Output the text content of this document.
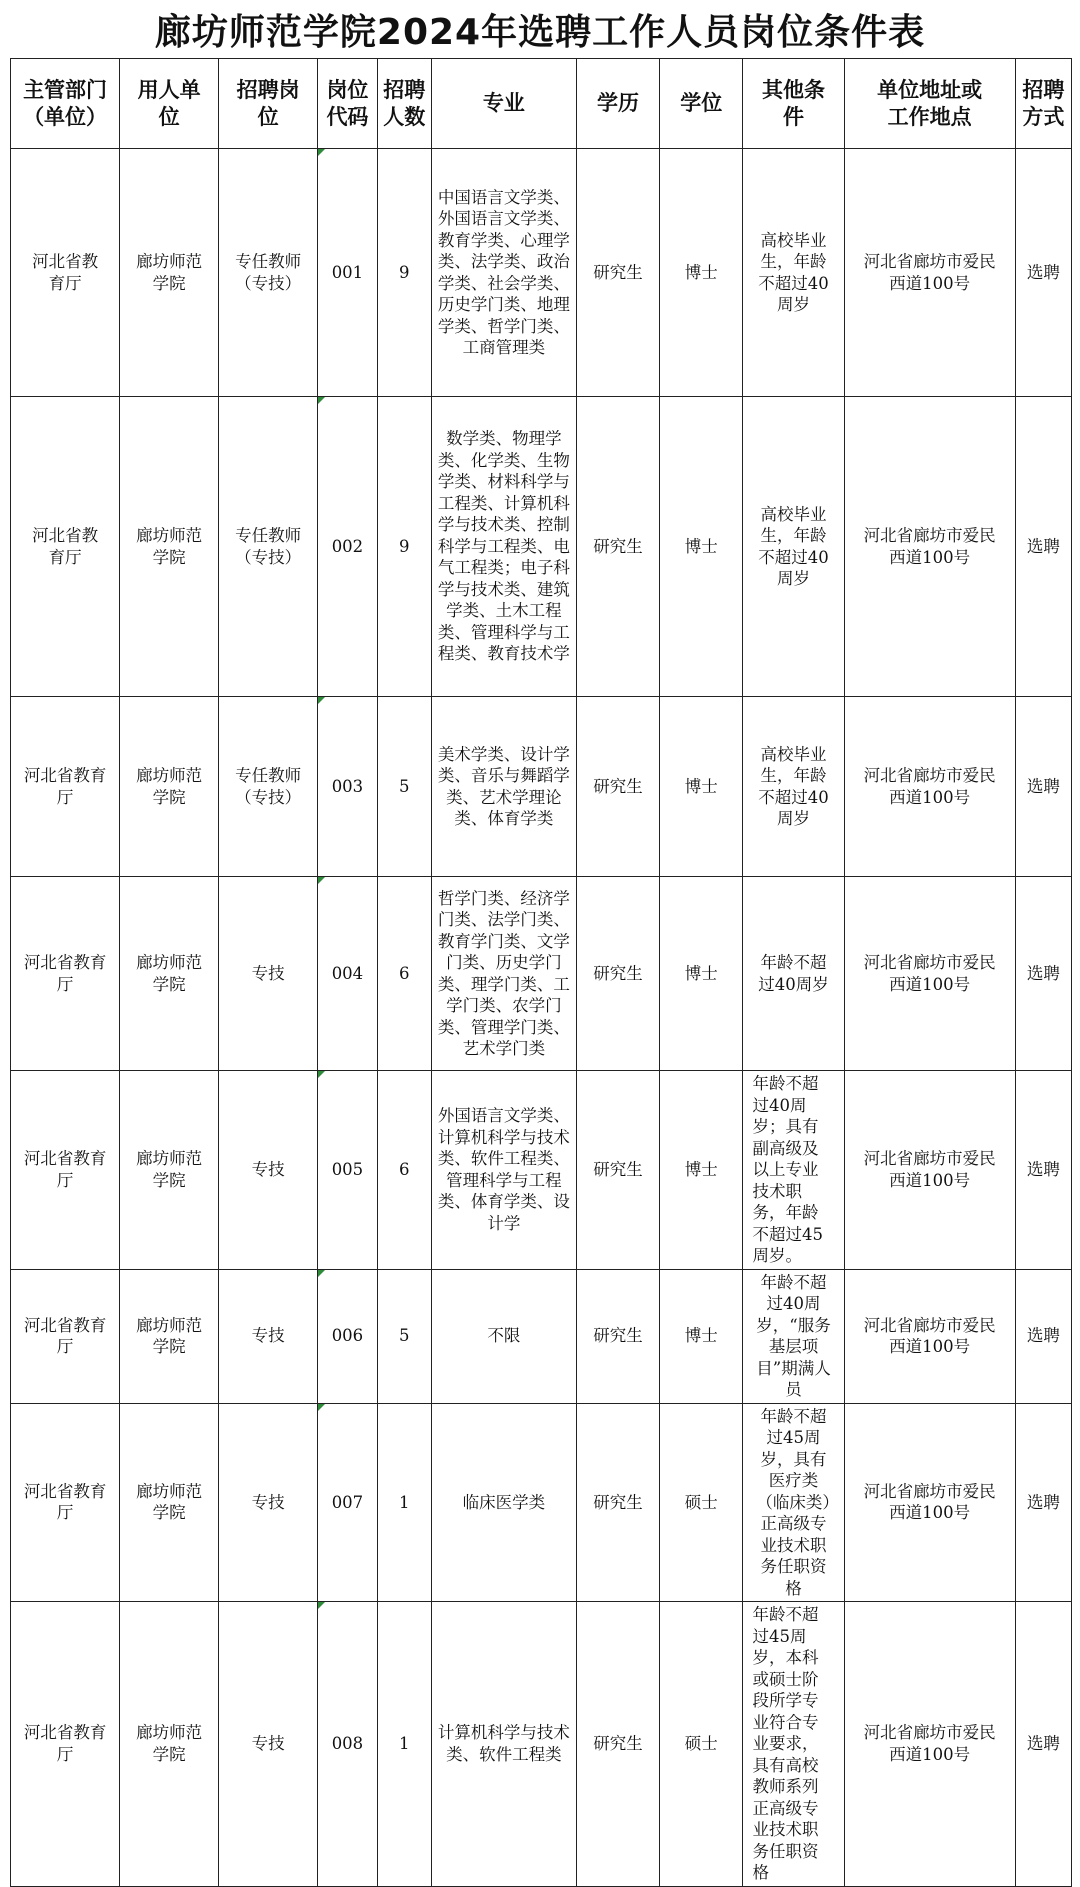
廊坊师范学院2024年选聘工作人员岗位条件表
主管部门（单位）	用人单位	招聘岗位	岗位代码	招聘人数	专业	学历	学位	其他条件	单位地址或工作地点	招聘方式
河北省教育厅	廊坊师范学院	专任教师（专技）	001	9	中国语言文学类、外国语言文学类、教育学类、心理学类、法学类、政治学类、社会学类、历史学门类、地理学类、哲学门类、工商管理类	研究生	博士	高校毕业生，年龄不超过40周岁	河北省廊坊市爱民西道100号	选聘
河北省教育厅	廊坊师范学院	专任教师（专技）	002	9	数学类、物理学类、化学类、生物学类、材料科学与工程类、计算机科学与技术类、控制科学与工程类、电气工程类；电子科学与技术类、建筑学类、土木工程类、管理科学与工程类、教育技术学	研究生	博士	高校毕业生，年龄不超过40周岁	河北省廊坊市爱民西道100号	选聘
河北省教育厅	廊坊师范学院	专任教师（专技）	003	5	美术学类、设计学类、音乐与舞蹈学类、艺术学理论类、体育学类	研究生	博士	高校毕业生，年龄不超过40周岁	河北省廊坊市爱民西道100号	选聘
河北省教育厅	廊坊师范学院	专技	004	6	哲学门类、经济学门类、法学门类、教育学门类、文学门类、历史学门类、理学门类、工学门类、农学门类、管理学门类、艺术学门类	研究生	博士	年龄不超过40周岁	河北省廊坊市爱民西道100号	选聘
河北省教育厅	廊坊师范学院	专技	005	6	外国语言文学类、计算机科学与技术类、软件工程类、管理科学与工程类、体育学类、设计学	研究生	博士	年龄不超过40周岁；具有副高级及以上专业技术职务，年龄不超过45周岁。	河北省廊坊市爱民西道100号	选聘
河北省教育厅	廊坊师范学院	专技	006	5	不限	研究生	博士	年龄不超过40周岁，“服务基层项目”期满人员	河北省廊坊市爱民西道100号	选聘
河北省教育厅	廊坊师范学院	专技	007	1	临床医学类	研究生	硕士	年龄不超过45周岁，具有医疗类（临床类）正高级专业技术职务任职资格	河北省廊坊市爱民西道100号	选聘
河北省教育厅	廊坊师范学院	专技	008	1	计算机科学与技术类、软件工程类	研究生	硕士	年龄不超过45周岁，本科或硕士阶段所学专业符合专业要求，具有高校教师系列正高级专业技术职务任职资格	河北省廊坊市爱民西道100号	选聘
